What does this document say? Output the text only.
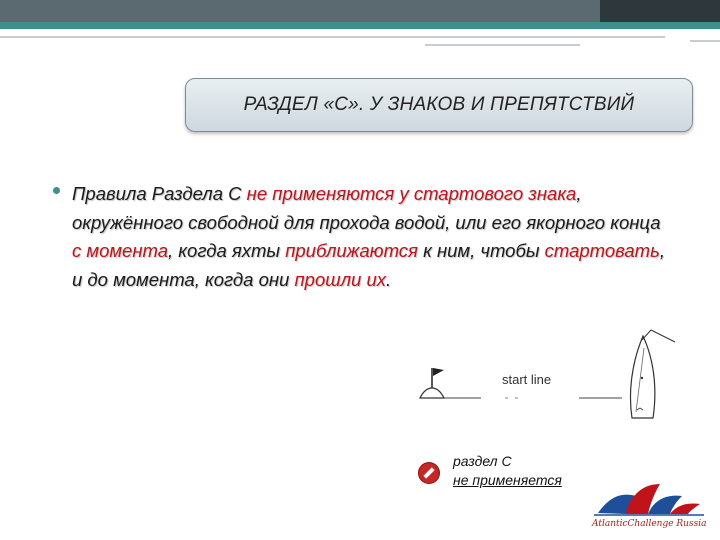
РАЗДЕЛ «С». У ЗНАКОВ И ПРЕПЯТСТВИЙ
Правила Раздела C не применяются у стартового знака, окружённого свободной для прохода водой, или его якорного конца с момента, когда яхты приближаются к ним, чтобы стартовать, и до момента, когда они прошли их.
start line
раздел С
не применяется
AtlanticChallenge Russia
